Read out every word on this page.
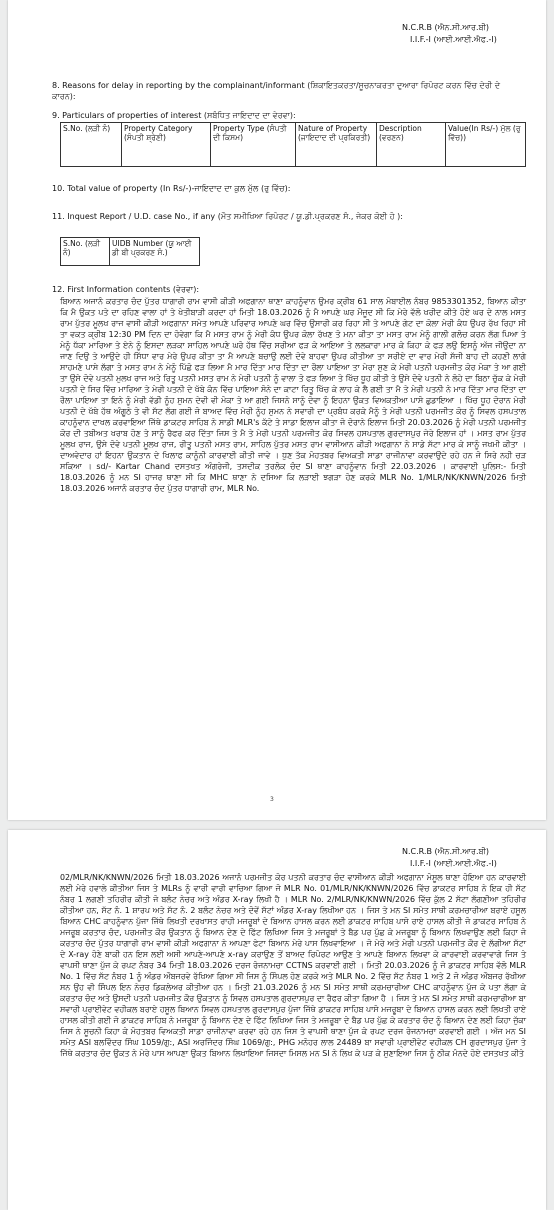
N.C.R.B (ਐਨ.ਸੀ.ਆਰ.ਬੀ)
I.I.F.-I (ਆਈ.ਆਈ.ਐਫ.-I)
8. Reasons for delay in reporting by the complainant/informant (ਸ਼ਿਕਾਇਤਕਰਤਾ/ਸੂਚਨਾਕਰਤਾ ਦੁਆਰਾ ਰਿਪੋਰਟ ਕਰਨ ਵਿੱਚ ਦੇਰੀ ਦੇ ਕਾਰਨ):
9. Particulars of properties of interest (ਸਬੰਧਿਤ ਜਾਇਦਾਦ ਦਾ ਵੇਰਵਾ):
S.No. (ਲੜੀ ਨੰ)	Property Category (ਸੰਪਤੀ ਸ਼੍ਰੇਣੀ)	Property Type (ਸੰਪਤੀ ਦੀ ਕਿਸਮ)	Nature of Property (ਜਾਇਦਾਦ ਦੀ ਪ੍ਰਕਿਰਤੀ)	Description (ਵਰਣਨ)	Value(In Rs/-) ਮੁੱਲ (ਰੁ ਵਿੱਚ))
10. Total value of property (In Rs/-)-ਜਾਇਦਾਦ ਦਾ ਕੁਲ ਮੁੱਲ (ਰੁ ਵਿੱਚ):
11. Inquest Report / U.D. case No., if any (ਮੌਤ ਸਮੀਖਿਆ ਰਿਪੋਰਟ / ਯੂ.ਡੀ.ਪ੍ਰਕਰਣ ਸੰ., ਜੇਕਰ ਕੋਈ ਹੋ ):
S.No. (ਲੜੀ ਨੰ)	UIDB Number (ਯੂ ਆਈ ਡੀ ਬੀ ਪ੍ਰਕਰਣ ਸੰ.)
12. First Information contents (ਵੇਰਵਾ):
ਬਿਆਨ ਅਜਾਨੰ ਕਰਤਾਰ ਚੰਦ ਪੁੱਤਰ ਧਾਗਾਰੀ ਰਾਮ ਵਾਸੀ ਕੀੜੀ ਅਫਗਾਨਾ ਥਾਣਾ ਕਾਹਨੂੰਵਾਨ ਉਮਰ ਕ੍ਰੀਬ 61 ਸਾਲ ਮੋਬਾਈਲ ਨੰਬਰ 9853301352, ਬਿਆਨ ਕੀਤਾ ਕਿ ਮੈ ਉਕਤ ਪਤੇ ਦਾ ਰਹਿਣ ਵਾਲਾ ਹਾਂ ਤੇ ਖੇਤੀਬਾੜੀ ਕਰਦਾ ਹਾਂ ਮਿਤੀ 18.03.2026 ਨੂੰ ਮੈ ਆਪਣੇ ਘਰ ਮੌਜੂਦ ਸੀ ਕਿ ਮੇਰੇ ਵੱਲੋ ਖਰੀਦ ਕੀਤੇ ਹੋਏ ਘਰ ਦੇ ਨਾਲ ਮਸਤ ਰਾਮ ਪੁੱਤਰ ਮੂਲਖ ਰਾਜ ਵਾਸੀ ਕੀੜੀ ਅਫਗਾਨਾ ਸਮੇਤ ਆਪਣੇ ਪਰਿਵਾਰ ਆਪਣੇ ਘਰ ਵਿੱਚ ਉਸਾਰੀ ਕਰ ਰਿਹਾ ਸੀ ਤੇ ਆਪਣੇ ਗੇਟ ਦਾ ਕੋਲਾ ਮੇਰੀ ਕੰਧ ਉਪਰ ਰੱਖ ਰਿਹਾ ਸੀ ਤਾ ਵਕਤ ਕ੍ਰੀਬ 12:30 PM ਦਿਨ ਦਾ ਹੋਵੇਗਾ ਕਿ ਮੈ ਮਸਤ ਰਾਮ ਨੂੰ ਮੇਰੀ ਕੰਧ ਉਪਰ ਕੋਲਾ ਰੱਖਣ ਤੋ ਮਨਾ ਕੀਤਾ ਤਾ ਮਸਤ ਰਾਮ ਮੇਨੂੰ ਗਾਲੀ ਗਲੋਚ ਕਰਨ ਲੱਗ ਪਿਆ ਤੇ ਮੇਨੂੰ ਧੱਕਾ ਮਾਰਿਆ ਤੇ ਏਨੇ ਨੂੰ ਇਸਦਾ ਲੜਕਾ ਸਾਹਿਲ ਆਪਣੇ ਘਰੋ ਹੱਥ ਵਿੱਚ ਸਰੀਆ ਫੜ ਕੇ ਆਇਆ ਤੇ ਲਲਕਾਰਾ ਮਾਰ ਕੇ ਕਿਹਾ ਕੇ ਫੜ ਲਉ ਇਸਨੂੰ ਅੱਜ ਜੀਉਦਾ ਨਾ ਜਾਣ ਦਿਉ ਤੇ ਆਉਦੇ ਹੀ ਸਿੱਧਾ ਵਾਰ ਮੇਰੇ ਉਪਰ ਕੀਤਾ ਤਾ ਮੈ ਆਪਣੇ ਬਚਾਉ ਲਈ ਦੋਵੇ ਬਾਹਵਾ ਉਪਰ ਕੀਤੀਆ ਤਾ ਸਰੀਏ ਦਾ ਵਾਰ ਮੇਰੀ ਸੱਜੀ ਬਾਹ ਦੀ ਕਹਣੀ ਲਾਗੇ ਸਾਹਮਣੇ ਪਾਸੇ ਲੱਗਾ ਤੇ ਮਸਤ ਰਾਮ ਨੇ ਮੇਨੂੰ ਪਿੱਛੋ ਫੜ ਲਿਆ ਮੈ ਮਾਰ ਦਿੱਤਾ ਮਾਰ ਦਿੱਤਾ ਦਾ ਰੌਲਾ ਪਾਇਆ ਤਾ ਮੇਰਾ ਸੁਣ ਕੇ ਮੇਰੀ ਪਤਨੀ ਪਰਮਜੀਤ ਕੋਰ ਮੋਕਾ ਤੇ ਆ ਗਈ ਤਾ ਉਸੇ ਦੋਵੇ ਪਤਨੀ ਮੁਲਖ ਰਾਜ ਅਤੇ ਰਿਤੂ ਪਤਨੀ ਮਸਤ ਰਾਮ ਨੇ ਮੇਰੀ ਪਤਨੀ ਨੂੰ ਵਾਲਾ ਤੋ ਫੜ ਲਿਆ ਤੇ ਖਿੱਚ ਧੂਹ ਕੀਤੀ ਤੇ ਉਸੇ ਦੋਵੇ ਪਤਨੀ ਨੇ ਲੋਹੇ ਦਾ ਬਿਠਾ ਚੁੱਕ ਕੇ ਮੇਰੀ ਪਤਨੀ ਦੇ ਸਿਰ ਵਿੱਚ ਮਾਰਿਆ ਤੇ ਮੇਰੀ ਪਤਨੀ ਦੇ ਖੱਬੇ ਕੰਨ ਵਿੱਚ ਪਾਇਆ ਸੋਨੇ ਦਾ ਕਾਟਾ ਰਿਤੂ ਖਿੱਚ ਕੇ ਲਾਹ ਕੇ ਲੈ ਗਈ ਤਾ ਮੈ ਤੇ ਮੇਰੀ ਪਤਨੀ ਨੇ ਮਾਰ ਦਿੱਤਾ ਮਾਰ ਦਿੱਤਾ ਦਾ ਰੌਲਾ ਪਾਇਆ ਤਾ ਇਨੇ ਨੂੰ ਮੇਰੀ ਵੱਡੀ ਨੂੰਹ ਸੁਮਨ ਦੇਵੀ ਵੀ ਮੋਕਾ ਤੇ ਆ ਗਈ ਜਿਸਨੇ ਸਾਨੂੰ ਦੋਵਾ ਨੂੰ ਇਹਨਾ ਉਕਤ ਵਿਅਕਤੀਆ ਪਾਸੋ ਛੁਡਾਇਆ । ਖਿੱਚ ਧੂਹ ਦੋਰਾਨ ਮੇਰੀ ਪਤਨੀ ਦੇ ਖੱਬੇ ਹੱਥ ਅੰਗੂਠੇ ਤੇ ਵੀ ਸੱਟ ਲੱਗ ਗਈ ਜੋ ਬਾਅਦ ਵਿੱਚ ਮੇਰੀ ਨੂੰਹ ਸੁਮਨ ਨੇ ਸਵਾਰੀ ਦਾ ਪ੍ਰਬੰਧ ਕਰਕੇ ਮੈਨੂੰ ਤੇ ਮੇਰੀ ਪਤਨੀ ਪਰਮਜੀਤ ਕੋਰ ਨੂੰ ਸਿਵਲ ਹਸਪਤਾਲ ਕਾਹਨੂੰਵਾਨ ਦਾਖਲ ਕਰਵਾਇਆ ਜਿੱਥੇ ਡਾਕਟਰ ਸਾਹਿਬ ਨੇ ਸਾਡੀ MLR's ਕੱਟੇ ਤੇ ਸਾਡਾ ਇਲਾਜ ਕੀਤਾ ਜੋ ਦੋਰਾਨੇ ਇਲਾਜ ਮਿਤੀ 20.03.2026 ਨੂੰ ਮੇਰੀ ਪਤਨੀ ਪਰਮਜੀਤ ਕੋਰ ਦੀ ਤਬੀਅਤ ਖਰਾਬ ਹੋਣ ਤੇ ਸਾਨੂੰ ਰੈਫਰ ਕਰ ਦਿੱਤਾ ਜਿਸ ਤੇ ਮੈ ਤੇ ਮੇਰੀ ਪਤਨੀ ਪਰਮਜੀਤ ਕੋਰ ਸਿਵਲ ਹਸਪਤਾਲ ਗੁਰਦਾਸਪੁਰ ਜੇਰੇ ਇਲਾਜ ਹਾਂ । ਮਸਤ ਰਾਮ ਪੁੱਤਰ ਮੂਲਖ ਰਾਜ, ਉਸੇ ਦੋਵੇ ਪਤਨੀ ਮੂਲਖ ਰਾਜ, ਰੀਤੂ ਪਤਨੀ ਮਸਤ ਰਾਮ, ਸਾਹਿਲ ਪੁੱਤਰ ਮਸਤ ਰਾਮ ਵਾਸੀਆਨ ਕੀੜੀ ਅਫਗਾਨਾ ਨੇ ਸਾਡੇ ਸੱਟਾ ਮਾਰ ਕੇ ਸਾਨੂੰ ਜਖਮੀ ਕੀਤਾ । ਦਾਅਵੇਦਾਰ ਹਾਂ ਇਹਨਾ ਉਕਤਾਨ ਦੇ ਖਿਲਾਫ ਕਾਨੂੰਨੀ ਕਾਰਵਾਈ ਕੀਤੀ ਜਾਵੇ । ਧੁਣ ਤੱਕ ਮੋਹਤਬਰ ਵਿਅਕਤੀ ਸਾਡਾ ਰਾਜੀਨਾਵਾ ਕਰਵਾਉਦੇ ਰਹੇ ਹਨ ਜੋ ਸਿਰੇ ਨਹੀ ਚੜ ਸਕਿਆ । sd/- Kartar Chand ਦਸਤਖਤ ਅੰਗਰੇਜੀ, ਤਸਦੀਕ ਤਰਲੋਕ ਚੰਦ SI ਥਾਣਾ ਕਾਹਨੂੰਵਾਨ ਮਿਤੀ 22.03.2026 । ਕਾਰਵਾਈ ਪੁਲਿਸ:- ਮਿਤੀ 18.03.2026 ਨੂੰ ਮਨ SI ਹਾਜਰ ਥਾਣਾ ਸੀ ਕਿ MHC ਥਾਣਾ ਨੇ ਦਸਿਆ ਕਿ ਲੜਾਈ ਝਗੜਾ ਹੋਣ ਕਰਕੇ MLR No. 1/MLR/NK/KNWN/2026 ਮਿਤੀ 18.03.2026 ਅਜਾਨੰ ਕਰਤਾਰ ਚੰਦ ਪੁੱਤਰ ਧਾਗਾਰੀ ਰਾਮ, MLR No.
3
N.C.R.B (ਐਨ.ਸੀ.ਆਰ.ਬੀ)
I.I.F.-I (ਆਈ.ਆਈ.ਐਫ.-I)
02/MLR/NK/KNWN/2026 ਮਿਤੀ 18.03.2026 ਅਜਾਨੰ ਪਰਮਜੀਤ ਕੋਰ ਪਤਨੀ ਕਰਤਾਰ ਚੰਦ ਵਾਸੀਆਨ ਕੀੜੀ ਅਫਗਾਨਾ ਮੋਸੂਲ ਥਾਣਾ ਹੋਇਆ ਹਨ ਕਾਰਵਾਈ ਲਈ ਮੇਰੇ ਹਵਾਲੇ ਕੀਤੀਆ ਜਿਸ ਤੇ MLRs ਨੂੰ ਵਾਰੀ ਵਾਰੀ ਵਾਚਿਆ ਗਿਆ ਜੋ MLR No. 01/MLR/NK/KNWN/2026 ਵਿੱਚ ਡਾਕਟਰ ਸਾਹਿਬ ਨੇ ਇਕ ਹੀ ਸੱਟ ਨੰਬਰ 1 ਲਗਣੀ ਤਹਿਰੀਰ ਕੀਤੀ ਜੋ ਬਲੰਟ ਨੇਚਰ ਅਤੇ ਅੰਡਰ X-ray ਲਿਖੀ ਹੈ । MLR No. 2/MLR/NK/KNWN/2026 ਵਿੱਚ ਕੁੱਲ 2 ਸੱਟਾ ਲੱਗਣੀਆ ਤਹਿਰੀਰ ਕੀਤੀਆ ਹਨ, ਸੱਟ ਨੰ. 1 ਸ਼ਾਰਪ ਅਤੇ ਸੱਟ ਨੰ. 2 ਬਲੰਟ ਨੇਚਰ ਅਤੇ ਦੋਵੇਂ ਸੱਟਾਂ ਅੰਡਰ X-ray ਲਿਖੀਆ ਹਨ । ਜਿਸ ਤੇ ਮਨ SI ਸਮੇਤ ਸਾਥੀ ਕਰਮਚਾਰੀਆ ਬਰਾਏ ਹਸੂਲ ਬਿਆਨ CHC ਕਾਹਨੂੰਵਾਨ ਪੁੱਜਾ ਜਿੱਥੇ ਲਿਖਤੀ ਦਰਖਾਸਤ ਰਾਹੀ ਮਜਰੂਬਾਂ ਦੇ ਬਿਆਨ ਹਾਸਲ ਕਰਨ ਲਈ ਡਾਕਟਰ ਸਾਹਿਬ ਪਾਸੋ ਰਾਏ ਹਾਸਲ ਕੀਤੀ ਜੋ ਡਾਕਟਰ ਸਾਹਿਬ ਨੇ ਮਜਰੂਬ ਕਰਤਾਰ ਚੰਦ, ਪਰਮਜੀਤ ਕੌਰ ਉਕਤਾਨ ਨੂੰ ਬਿਆਨ ਦੇਣ ਦੇ ਫਿੱਟ ਲਿਖਿਆ ਜਿਸ ਤੇ ਮਜਰੂਬਾਂ ਤੇ ਬੈਡ ਪਰ ਪੁੱਛ ਕੇ ਮਜਰੂਬਾ ਨੂੰ ਬਿਆਨ ਲਿਖਵਾਉਣ ਲਈ ਕਿਹਾ ਜੋ ਕਰਤਾਰ ਚੰਦ ਪੁੱਤਰ ਧਾਗਾਰੀ ਰਾਮ ਵਾਸੀ ਕੀੜੀ ਅਫਗਾਨਾ ਨੇ ਆਪਣਾ ਫੇਟਾ ਬਿਆਨ ਮੇਰੇ ਪਾਸ ਲਿਖਵਾਇਆ । ਜੋ ਮੇਰੇ ਅਤੇ ਮੇਰੀ ਪਤਨੀ ਪਰਮਜੀਤ ਕੌਰ ਦੇ ਲੱਗੀਆ ਸੱਟਾ ਦੇ X-ray ਹੋਣੇ ਬਾਕੀ ਹਨ ਇਸ ਲਈ ਅਸੀ ਆਪਣੇ-ਆਪਣੇ x-ray ਕਰਾਉਣ ਤੋਂ ਬਾਅਦ ਰਿਪੋਰਟ ਆਉਣ ਤੇ ਆਪਣੇ ਬਿਆਨ ਲਿਖਵਾ ਕੇ ਕਾਰਵਾਈ ਕਰਵਾਵਾਗੇ ਜਿਸ ਤੇ ਵਾਪਸੀ ਥਾਣਾ ਪੁੱਜ ਕੇ ਰਪਟ ਨੰਬਰ 34 ਮਿਤੀ 18.03.2026 ਦਰਜ ਰੋਜਨਾਮਚਾ CCTNS ਕਰਵਾਈ ਗਈ । ਮਿਤੀ 20.03.2026 ਨੂੰ ਜੋ ਡਾਕਟਰ ਸਾਹਿਬ ਵੱਲੋ MLR No. 1 ਵਿੱਚ ਸੱਟ ਨੰਬਰ 1 ਨੂੰ ਅੰਡਰ ਔਬਜਰਵੇ ਰੱਖਿਆ ਗਿਆ ਸੀ ਜਿਸ ਨੂੰ ਸਿੰਪਲ ਹੋਣ ਕਰਕੇ ਅਤੇ MLR No. 2 ਵਿੱਚ ਸੱਟ ਨੰਬਰ 1 ਅਤੇ 2 ਜੋ ਅੰਡਰ ਔਬਜਰ ਰੱਖੀਆ ਸਨ ਉਹ ਵੀ ਸਿੰਪਲ ਇਨ ਨੇਚਰ ਡਿਕਲੇਅਰ ਕੀਤੀਆ ਹਨ । ਮਿਤੀ 21.03.2026 ਨੂੰ ਮਨ SI ਸਮੇਤ ਸਾਥੀ ਕਰਮਚਾਰੀਆ CHC ਕਾਹਨੂੰਵਾਨ ਪੁੱਜ ਕੇ ਪਤਾ ਲੱਗਾ ਕੇ ਕਰਤਾਰ ਚੰਦ ਅਤੇ ਉਸਦੀ ਪਤਨੀ ਪਰਮਜੀਤ ਕੌਰ ਉਕਤਾਨ ਨੂੰ ਸਿਵਲ ਹਸਪਤਾਲ ਗੁਰਦਾਸਪੁਰ ਦਾ ਰੈਫਰ ਕੀਤਾ ਗਿਆ ਹੈ । ਜਿਸ ਤੇ ਮਨ SI ਸਮੇਤ ਸਾਥੀ ਕਰਮਚਾਰੀਆ ਬਾ ਸਵਾਰੀ ਪ੍ਰਾਈਵੇਟ ਵਹੀਕਲ ਬਰਾਏ ਹਸੂਲ ਬਿਆਨ ਸਿਵਲ ਹਸਪਤਾਲ ਗੁਰਦਾਸਪੁਰ ਪੁੱਜਾ ਜਿੱਥੇ ਡਾਕਟਰ ਸਾਹਿਬ ਪਾਸੋ ਮਜਰੂਬਾ ਦੇ ਬਿਆਨ ਹਾਸਲ ਕਰਨ ਲਈ ਲਿਖਤੀ ਰਾਏ ਹਾਸਲ ਕੀਤੀ ਗਈ ਜੋ ਡਾਕਟਰ ਸਾਹਿਬ ਨੇ ਮਜਰੂਬਾ ਨੂੰ ਬਿਆਨ ਦੇਣ ਦੇ ਫਿੱਟ ਲਿਖਿਆ ਜਿਸ ਤੇ ਮਜਰੂਬਾ ਦੇ ਬੈਡ ਪਰ ਪੁੱਛ ਕੇ ਕਰਤਾਰ ਚੰਦ ਨੂੰ ਬਿਆਨ ਦੇਣ ਲਈ ਕਿਹਾ ਜੁੱਕਾ ਜਿਸ ਨੇ ਸੂਚਨੀ ਕਿਹਾ ਕੇ ਮੋਹਤਬਰ ਵਿਅਕਤੀ ਸਾਡਾ ਰਾਜੀਨਾਵਾ ਕਰਵਾ ਰਹੇ ਹਨ ਜਿਸ ਤੇ ਵਾਪਸੀ ਥਾਣਾ ਪੁੱਜ ਕੇ ਰਪਟ ਦਰਜ ਰੋਜਨਾਮਚਾ ਕਰਵਾਈ ਗਈ । ਅੱਜ ਮਨ SI ਸਮੇਤ ASI ਬਲਵਿੰਦਰ ਸਿੰਘ 1059/ਗੁ:, ASI ਅਰਜਿੰਦਰ ਸਿੰਘ 1069/ਗੁ:, PHG ਮਨੋਹਰ ਲਾਲ 24489 ਬਾ ਸਵਾਰੀ ਪ੍ਰਾਈਵੇਟ ਵਹੀਕਲ CH ਗੁਰਦਾਸਪੁਰ ਪੁੱਜਾ ਤੇ ਜਿੱਥੇ ਕਰਤਾਰ ਚੰਦ ਉਕਤ ਨੇ ਮੇਰੇ ਪਾਸ ਆਪਣਾ ਉਕਤ ਬਿਆਨ ਲਿਖਾਇਆ ਜਿਸਦਾ ਮਿਸਲ ਮਨ SI ਨੇ ਲਿਖ ਕੇ ਪੜ ਕੇ ਸੁਣਾਇਆ ਜਿਸ ਨੂੰ ਠੀਕ ਮੰਨਦੇ ਹੋਏ ਦਸਤਖਤ ਕੀਤੇ
